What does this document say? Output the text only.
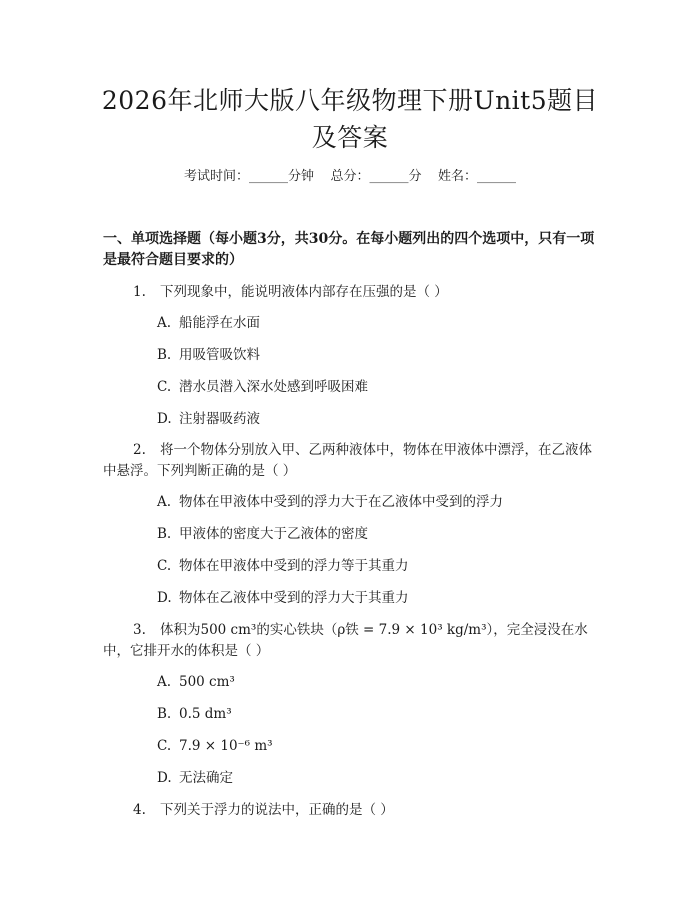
2026年北师大版八年级物理下册Unit5题目及答案
考试时间：______分钟    总分：______分    姓名：______
一、单项选择题（每小题3分，共30分。在每小题列出的四个选项中，只有一项是最符合题目要求的）
1. 下列现象中，能说明液体内部存在压强的是（ ）
A. 船能浮在水面
B. 用吸管吸饮料
C. 潜水员潜入深水处感到呼吸困难
D. 注射器吸药液
2. 将一个物体分别放入甲、乙两种液体中，物体在甲液体中漂浮，在乙液体中悬浮。下列判断正确的是（ ）
A. 物体在甲液体中受到的浮力大于在乙液体中受到的浮力
B. 甲液体的密度大于乙液体的密度
C. 物体在甲液体中受到的浮力等于其重力
D. 物体在乙液体中受到的浮力大于其重力
3. 体积为500 cm³的实心铁块（ρ铁 = 7.9 × 10³ kg/m³），完全浸没在水中，它排开水的体积是（ ）
A. 500 cm³
B. 0.5 dm³
C. 7.9 × 10⁻⁶ m³
D. 无法确定
4. 下列关于浮力的说法中，正确的是（ ）
